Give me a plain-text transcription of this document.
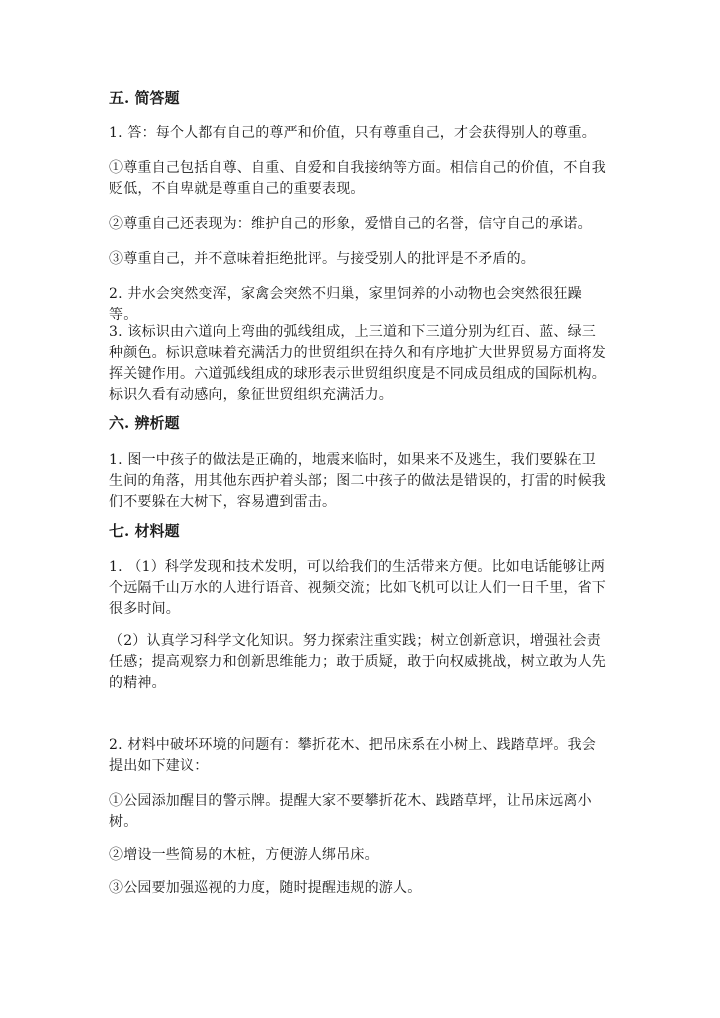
五. 简答题
1. 答：每个人都有自己的尊严和价值，只有尊重自己，才会获得别人的尊重。
①尊重自己包括自尊、自重、自爱和自我接纳等方面。相信自己的价值，不自我贬低，不自卑就是尊重自己的重要表现。
②尊重自己还表现为：维护自己的形象，爱惜自己的名誉，信守自己的承诺。
③尊重自己，并不意味着拒绝批评。与接受别人的批评是不矛盾的。
2. 井水会突然变浑，家禽会突然不归巢，家里饲养的小动物也会突然很狂躁等。
3. 该标识由六道向上弯曲的弧线组成，上三道和下三道分别为红百、蓝、绿三种颜色。标识意味着充满活力的世贸组织在持久和有序地扩大世界贸易方面将发挥关键作用。六道弧线组成的球形表示世贸组织度是不同成员组成的国际机构。标识久看有动感向，象征世贸组织充满活力。
六. 辨析题
1. 图一中孩子的做法是正确的，地震来临时，如果来不及逃生，我们要躲在卫生间的角落，用其他东西护着头部；图二中孩子的做法是错误的，打雷的时候我们不要躲在大树下，容易遭到雷击。
七. 材料题
1. （1）科学发现和技术发明，可以给我们的生活带来方便。比如电话能够让两个远隔千山万水的人进行语音、视频交流；比如飞机可以让人们一日千里，省下很多时间。
（2）认真学习科学文化知识。努力探索注重实践；树立创新意识，增强社会责任感；提高观察力和创新思维能力；敢于质疑，敢于向权威挑战，树立敢为人先的精神。
2. 材料中破坏环境的问题有：攀折花木、把吊床系在小树上、践踏草坪。我会提出如下建议：
①公园添加醒目的警示牌。提醒大家不要攀折花木、践踏草坪，让吊床远离小树。
②增设一些简易的木桩，方便游人绑吊床。
③公园要加强巡视的力度，随时提醒违规的游人。
